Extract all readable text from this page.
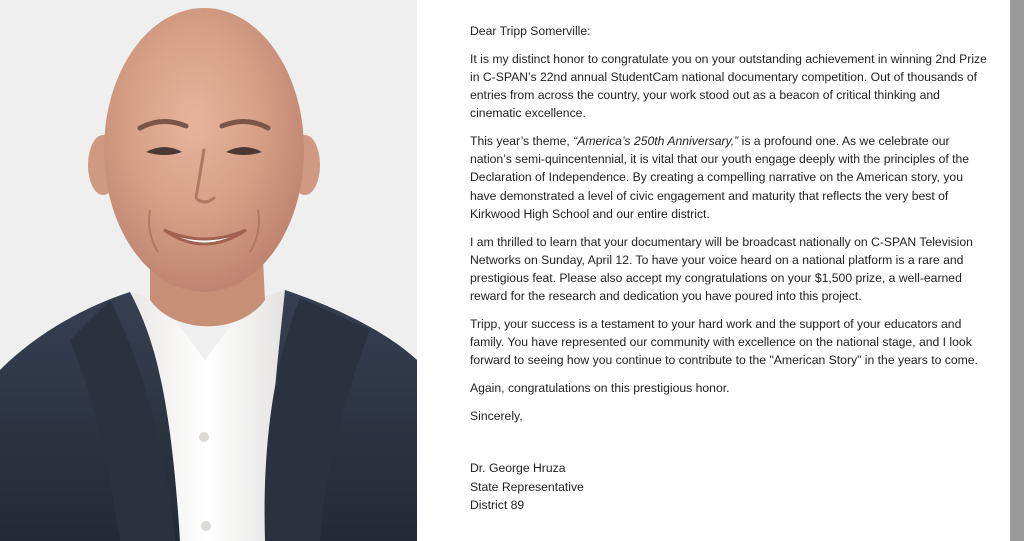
Dear Tripp Somerville:

It is my distinct honor to congratulate you on your outstanding achievement in winning 2nd Prize in C-SPAN’s 22nd annual StudentCam national documentary competition. Out of thousands of entries from across the country, your work stood out as a beacon of critical thinking and cinematic excellence.

This year’s theme, “America’s 250th Anniversary,” is a profound one. As we celebrate our nation’s semi-quincentennial, it is vital that our youth engage deeply with the principles of the Declaration of Independence. By creating a compelling narrative on the American story, you have demonstrated a level of civic engagement and maturity that reflects the very best of Kirkwood High School and our entire district.

I am thrilled to learn that your documentary will be broadcast nationally on C-SPAN Television Networks on Sunday, April 12. To have your voice heard on a national platform is a rare and prestigious feat. Please also accept my congratulations on your $1,500 prize, a well-earned reward for the research and dedication you have poured into this project.

Tripp, your success is a testament to your hard work and the support of your educators and family. You have represented our community with excellence on the national stage, and I look forward to seeing how you continue to contribute to the "American Story" in the years to come.

Again, congratulations on this prestigious honor.

Sincerely,

Dr. George Hruza
State Representative
District 89
